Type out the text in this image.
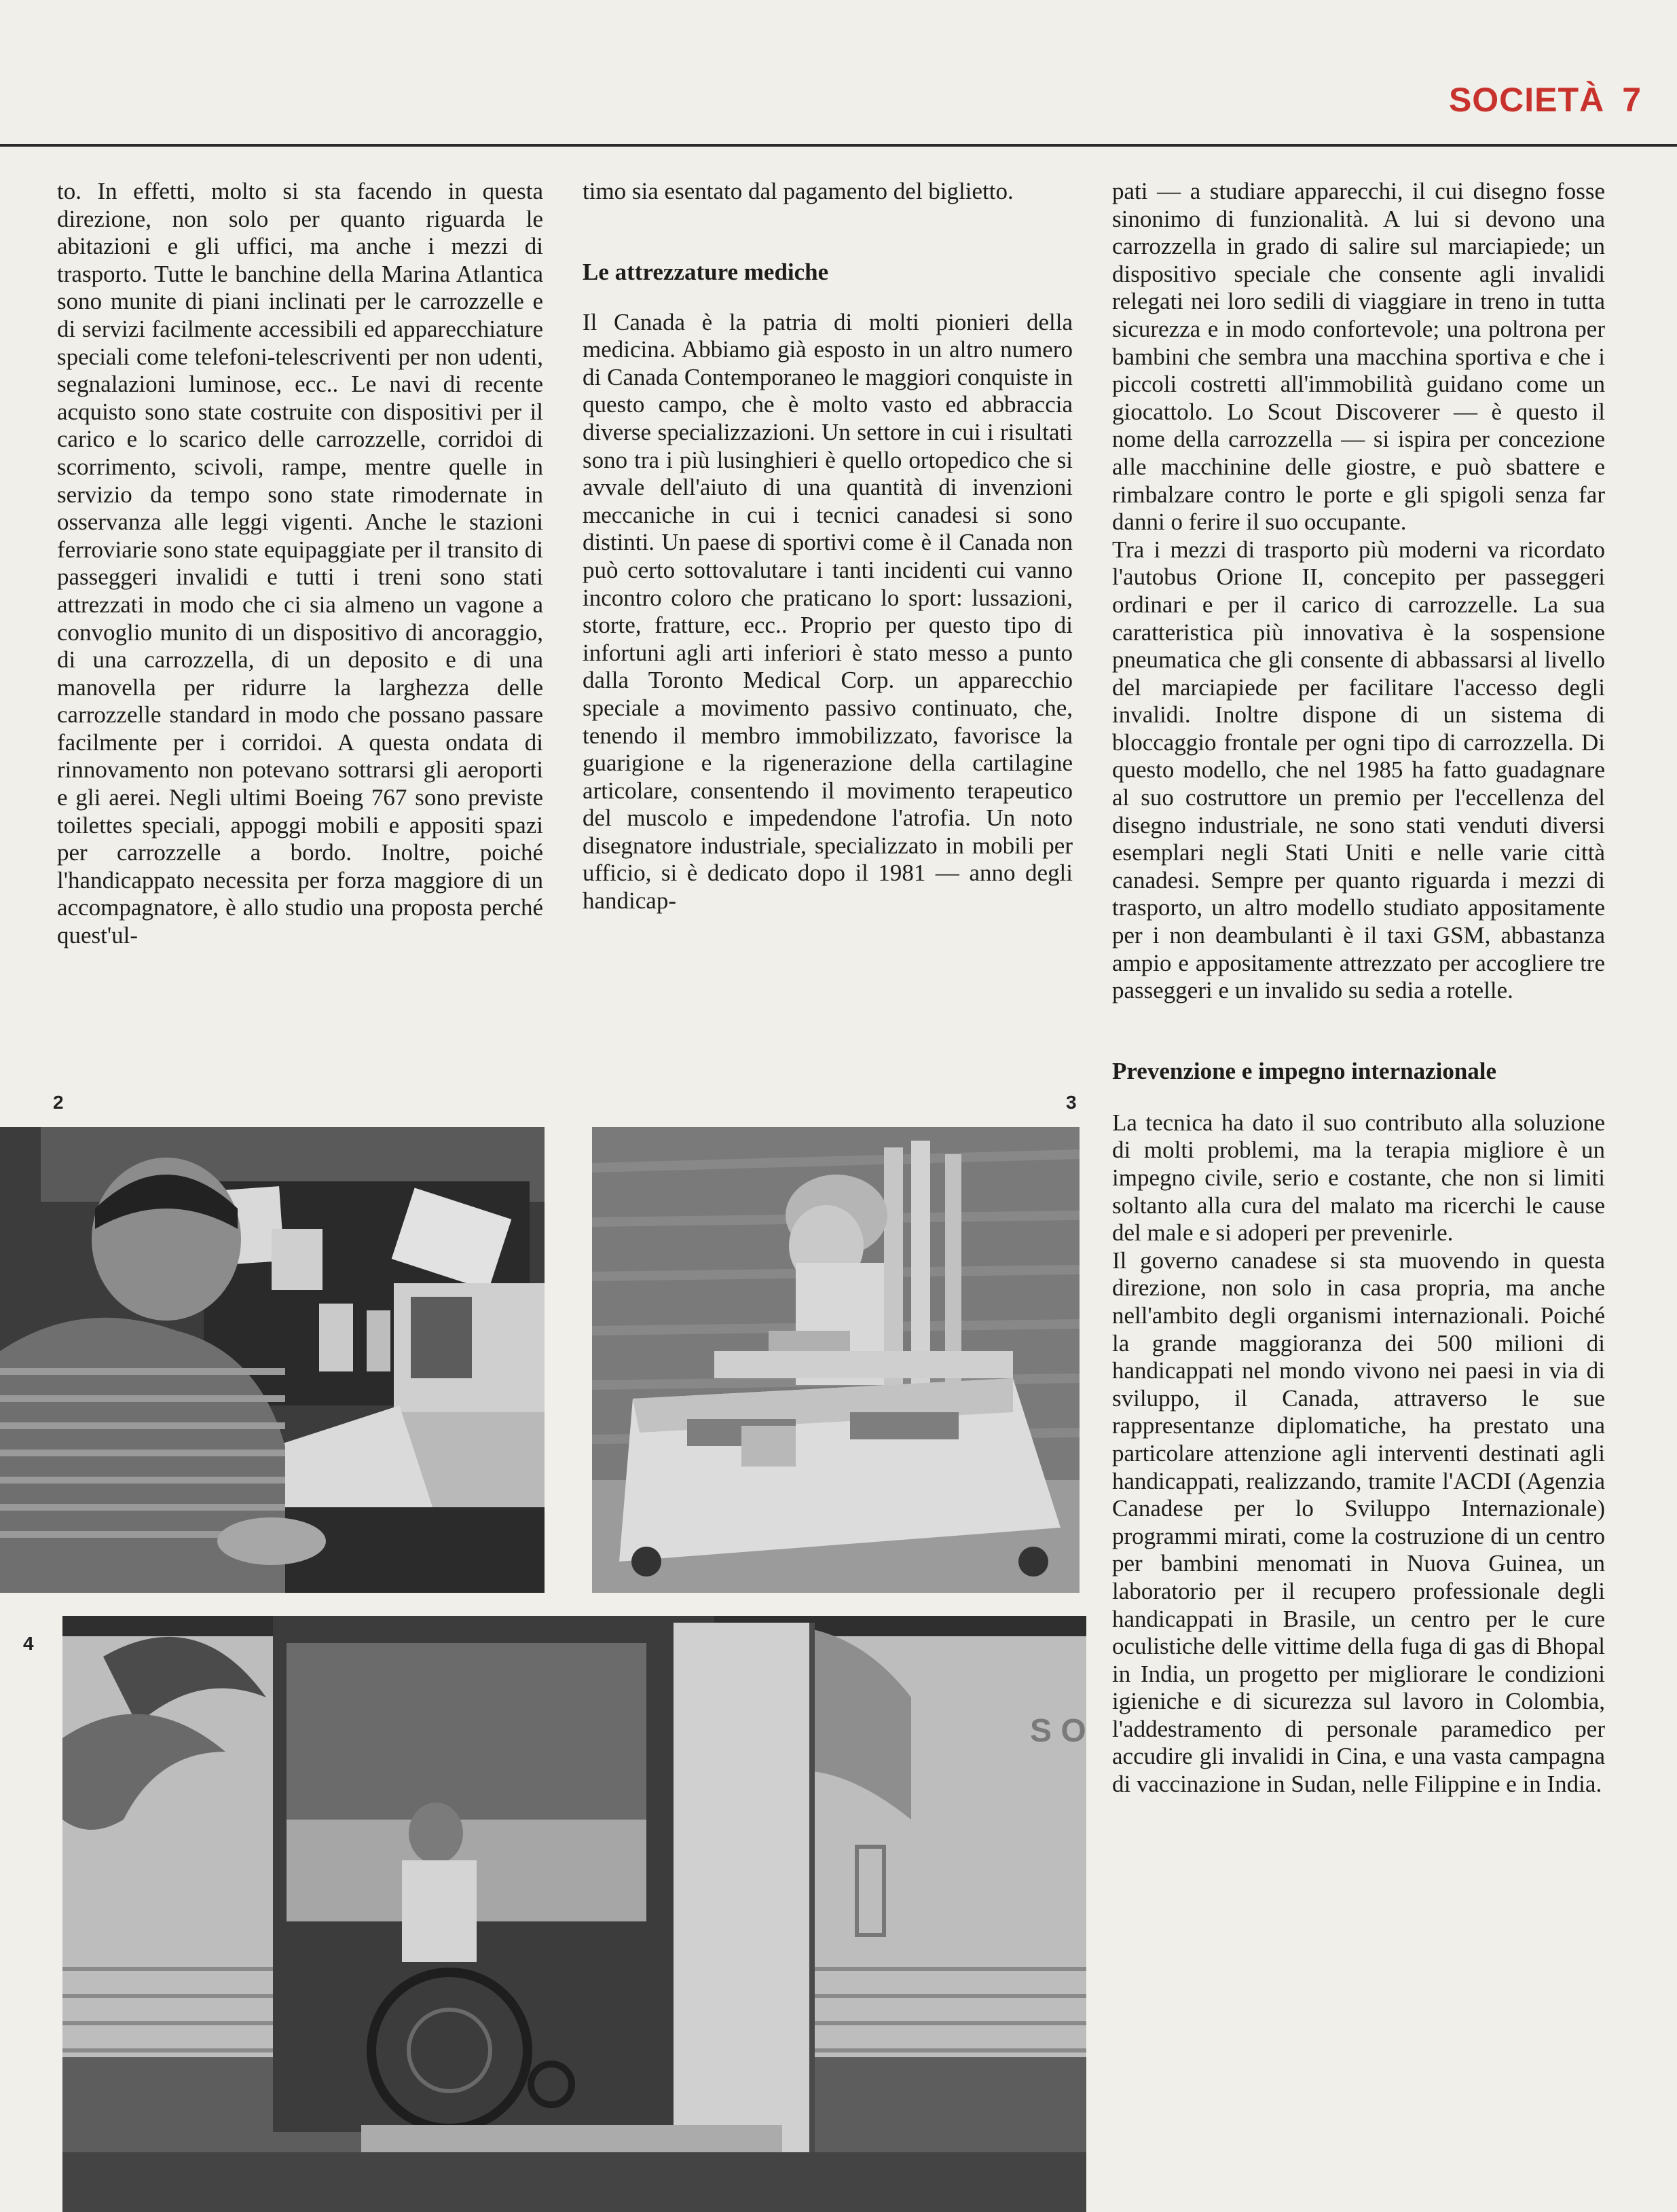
SOCIETÀ 7

to. In effetti, molto si sta facendo in questa direzione, non solo per quanto riguarda le abitazioni e gli uffici, ma anche i mezzi di trasporto. Tutte le banchine della Marina Atlantica sono munite di piani inclinati per le carrozzelle e di servizi facilmente accessibili ed apparecchiature speciali come telefoni-telescriventi per non udenti, segnalazioni luminose, ecc.. Le navi di recente acquisto sono state costruite con dispositivi per il carico e lo scarico delle carrozzelle, corridoi di scorrimento, scivoli, rampe, mentre quelle in servizio da tempo sono state rimodernate in osservanza alle leggi vigenti. Anche le stazioni ferroviarie sono state equipaggiate per il transito di passeggeri invalidi e tutti i treni sono stati attrezzati in modo che ci sia almeno un vagone a convoglio munito di un dispositivo di ancoraggio, di una carrozzella, di un deposito e di una manovella per ridurre la larghezza delle carrozzelle standard in modo che possano passare facilmente per i corridoi. A questa ondata di rinnovamento non potevano sottrarsi gli aeroporti e gli aerei. Negli ultimi Boeing 767 sono previste toilettes speciali, appoggi mobili e appositi spazi per carrozzelle a bordo. Inoltre, poiché l'handicappato necessita per forza maggiore di un accompagnatore, è allo studio una proposta perché quest'ul-

timo sia esentato dal pagamento del biglietto.

Le attrezzature mediche

Il Canada è la patria di molti pionieri della medicina. Abbiamo già esposto in un altro numero di Canada Contemporaneo le maggiori conquiste in questo campo, che è molto vasto ed abbraccia diverse specializzazioni. Un settore in cui i risultati sono tra i più lusinghieri è quello ortopedico che si avvale dell'aiuto di una quantità di invenzioni meccaniche in cui i tecnici canadesi si sono distinti. Un paese di sportivi come è il Canada non può certo sottovalutare i tanti incidenti cui vanno incontro coloro che praticano lo sport: lussazioni, storte, fratture, ecc.. Proprio per questo tipo di infortuni agli arti inferiori è stato messo a punto dalla Toronto Medical Corp. un apparecchio speciale a movimento passivo continuato, che, tenendo il membro immobilizzato, favorisce la guarigione e la rigenerazione della cartilagine articolare, consentendo il movimento terapeutico del muscolo e impedendone l'atrofia. Un noto disegnatore industriale, specializzato in mobili per ufficio, si è dedicato dopo il 1981 — anno degli handicap-

pati — a studiare apparecchi, il cui disegno fosse sinonimo di funzionalità. A lui si devono una carrozzella in grado di salire sul marciapiede; un dispositivo speciale che consente agli invalidi relegati nei loro sedili di viaggiare in treno in tutta sicurezza e in modo confortevole; una poltrona per bambini che sembra una macchina sportiva e che i piccoli costretti all'immobilità guidano come un giocattolo. Lo Scout Discoverer — è questo il nome della carrozzella — si ispira per concezione alle macchinine delle giostre, e può sbattere e rimbalzare contro le porte e gli spigoli senza far danni o ferire il suo occupante.

Tra i mezzi di trasporto più moderni va ricordato l'autobus Orione II, concepito per passeggeri ordinari e per il carico di carrozzelle. La sua caratteristica più innovativa è la sospensione pneumatica che gli consente di abbassarsi al livello del marciapiede per facilitare l'accesso degli invalidi. Inoltre dispone di un sistema di bloccaggio frontale per ogni tipo di carrozzella. Di questo modello, che nel 1985 ha fatto guadagnare al suo costruttore un premio per l'eccellenza del disegno industriale, ne sono stati venduti diversi esemplari negli Stati Uniti e nelle varie città canadesi. Sempre per quanto riguarda i mezzi di trasporto, un altro modello studiato appositamente per i non deambulanti è il taxi GSM, abbastanza ampio e appositamente attrezzato per accogliere tre passeggeri e un invalido su sedia a rotelle.

Prevenzione e impegno internazionale

La tecnica ha dato il suo contributo alla soluzione di molti problemi, ma la terapia migliore è un impegno civile, serio e costante, che non si limiti soltanto alla cura del malato ma ricerchi le cause del male e si adoperi per prevenirle.

Il governo canadese si sta muovendo in questa direzione, non solo in casa propria, ma anche nell'ambito degli organismi internazionali. Poiché la grande maggioranza dei 500 milioni di handicappati nel mondo vivono nei paesi in via di sviluppo, il Canada, attraverso le sue rappresentanze diplomatiche, ha prestato una particolare attenzione agli interventi destinati agli handicappati, realizzando, tramite l'ACDI (Agenzia Canadese per lo Sviluppo Internazionale) programmi mirati, come la costruzione di un centro per bambini menomati in Nuova Guinea, un laboratorio per il recupero professionale degli handicappati in Brasile, un centro per le cure oculistiche delle vittime della fuga di gas di Bhopal in India, un progetto per migliorare le condizioni igieniche e di sicurezza sul lavoro in Colombia, l'addestramento di personale paramedico per accudire gli invalidi in Cina, e una vasta campagna di vaccinazione in Sudan, nelle Filippine e in India.

2	3
4
S O
